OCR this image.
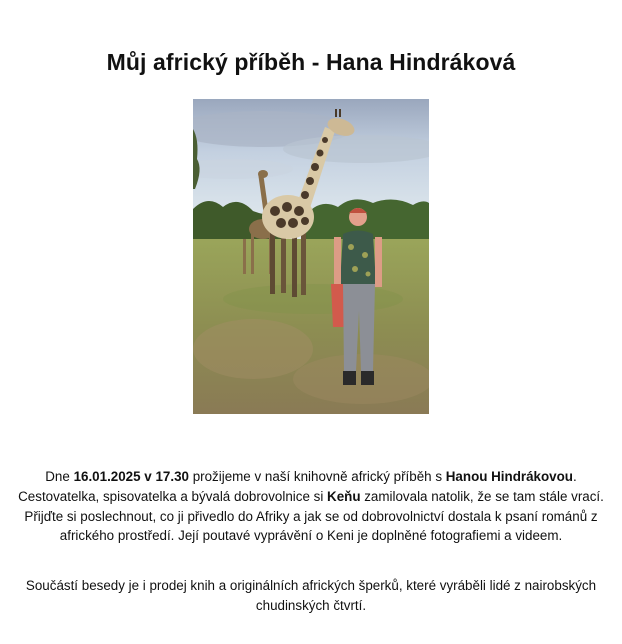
Můj africký příběh - Hana Hindráková

Dne 16.01.2025 v 17.30 prožijeme v naší knihovně africký příběh s Hanou Hindrákovou. Cestovatelka, spisovatelka a bývalá dobrovolnice si Keňu zamilovala natolik, že se tam stále vrací. Přijďte si poslechnout, co ji přivedlo do Afriky a jak se od dobrovolnictví dostala k psaní románů z afrického prostředí. Její poutavé vyprávění o Keni je doplněné fotografiemi a videem.

Součástí besedy je i prodej knih a originálních afrických šperků, které vyráběli lidé z nairobských chudinských čtvrtí.
